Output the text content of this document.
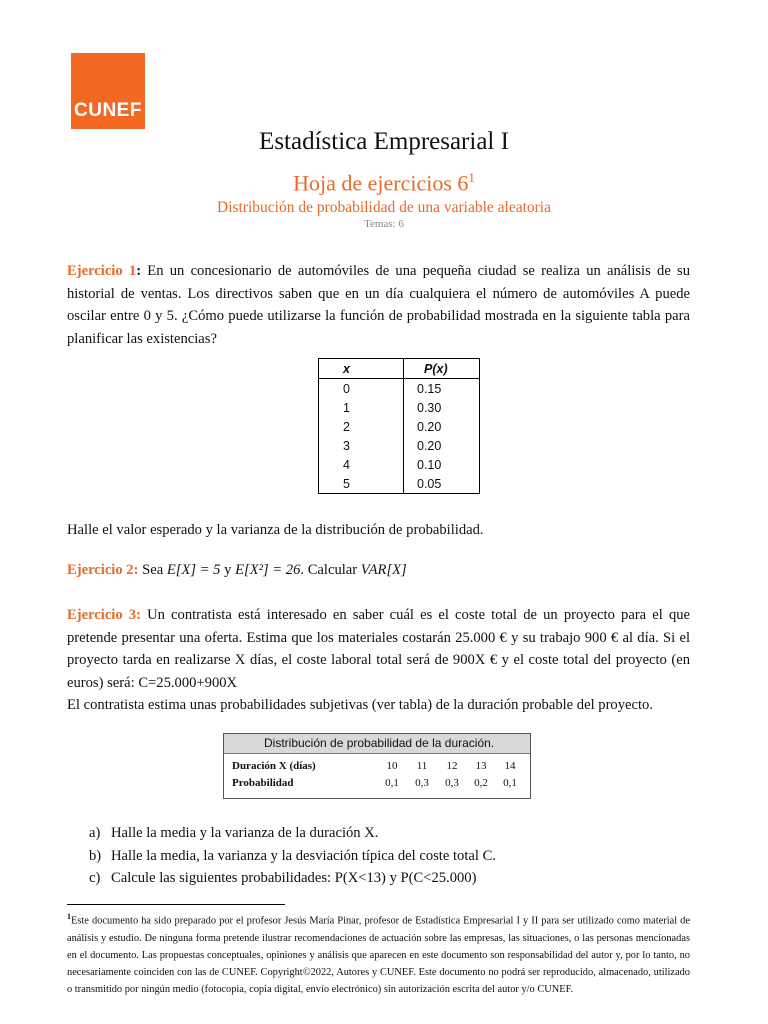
CUNEF
Estadística Empresarial I
Hoja de ejercicios $6^1$
Distribución de probabilidad de una variable aleatoria
Temas: 6
Ejercicio 1: En un concesionario de automóviles de una pequeña ciudad se realiza un análisis de su historial de ventas. Los directivos saben que en un día cualquiera el número de automóviles A puede oscilar entre 0 y 5. ¿Cómo puede utilizarse la función de probabilidad mostrada en la siguiente tabla para planificar las existencias?
x	P(x)
0	0.15
1	0.30
2	0.20
3	0.20
4	0.10
5	0.05
Halle el valor esperado y la varianza de la distribución de probabilidad.
Ejercicio 2: Sea E[X] = 5 y E[X²] = 26. Calcular VAR[X]
Ejercicio 3: Un contratista está interesado en saber cuál es el coste total de un proyecto para el que pretende presentar una oferta. Estima que los materiales costarán 25.000 € y su trabajo 900 € al día. Si el proyecto tarda en realizarse X días, el coste laboral total será de 900X € y el coste total del proyecto (en euros) será: C=25.000+900X
El contratista estima unas probabilidades subjetivas (ver tabla) de la duración probable del proyecto.
Distribución de probabilidad de la duración.
Duración X (días)	10	11	12	13	14
Probabilidad	0,1	0,3	0,3	0,2	0,1
a) Halle la media y la varianza de la duración X.
b) Halle la media, la varianza y la desviación típica del coste total C.
c) Calcule las siguientes probabilidades: P(X<13) y P(C<25.000)
$^1$Este documento ha sido preparado por el profesor Jesús María Pinar, profesor de Estadística Empresarial I y II para ser utilizado como material de análisis y estudio. De ninguna forma pretende ilustrar recomendaciones de actuación sobre las empresas, las situaciones, o las personas mencionadas en el documento. Las propuestas conceptuales, opiniones y análisis que aparecen en este documento son responsabilidad del autor y, por lo tanto, no necesariamente coinciden con las de CUNEF. Copyright©2022, Autores y CUNEF. Este documento no podrá ser reproducido, almacenado, utilizado o transmitido por ningún medio (fotocopia, copia digital, envío electrónico) sin autorización escrita del autor y/o CUNEF.
